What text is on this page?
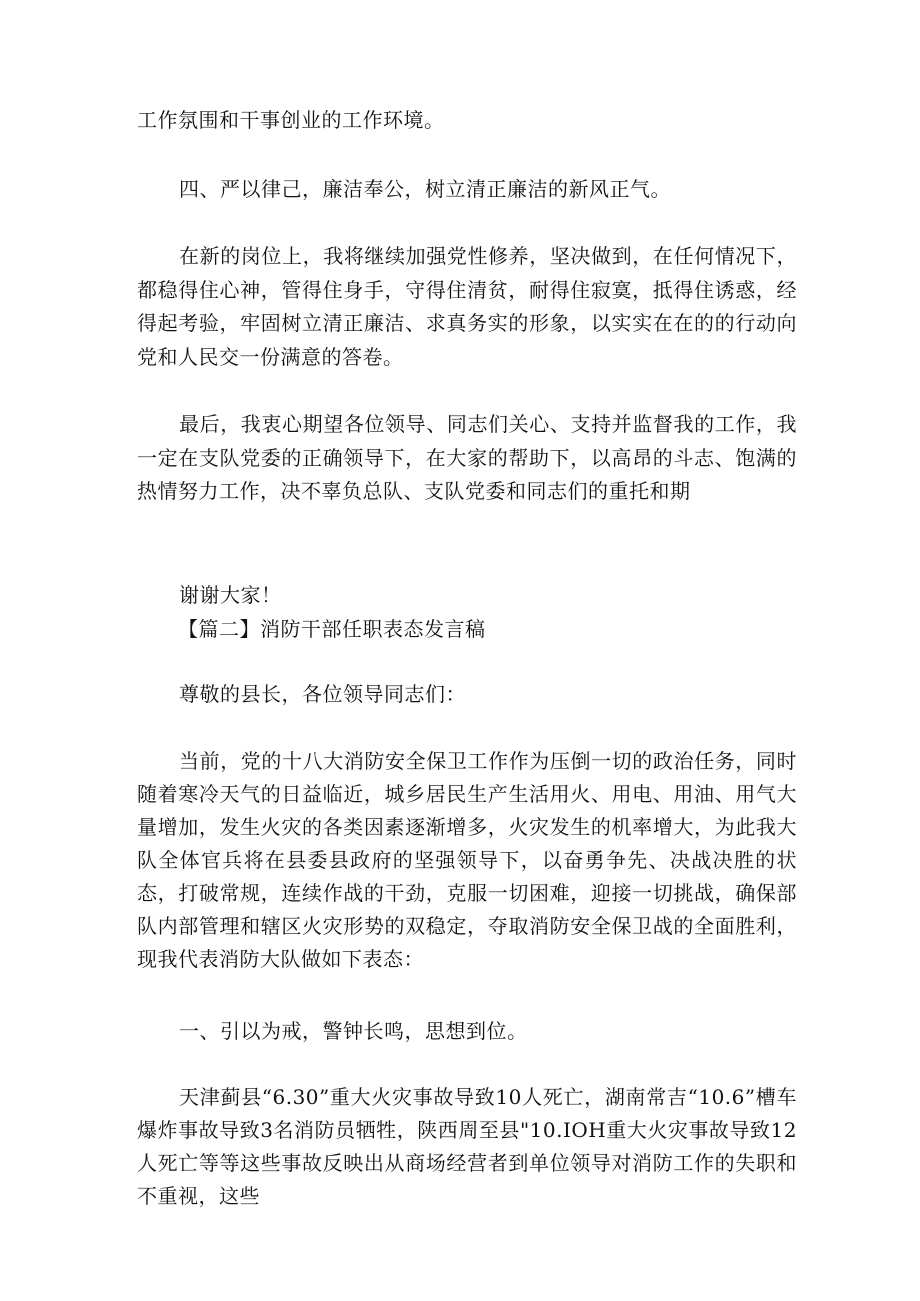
工作氛围和干事创业的工作环境。
四、严以律己，廉洁奉公，树立清正廉洁的新风正气。
在新的岗位上，我将继续加强党性修养，坚决做到，在任何情况下，都稳得住心神，管得住身手，守得住清贫，耐得住寂寞，抵得住诱惑，经得起考验，牢固树立清正廉洁、求真务实的形象，以实实在在的的行动向党和人民交一份满意的答卷。
最后，我衷心期望各位领导、同志们关心、支持并监督我的工作，我一定在支队党委的正确领导下，在大家的帮助下，以高昂的斗志、饱满的热情努力工作，决不辜负总队、支队党委和同志们的重托和期
谢谢大家！
【篇二】消防干部任职表态发言稿
尊敬的县长，各位领导同志们：
当前，党的十八大消防安全保卫工作作为压倒一切的政治任务，同时随着寒冷天气的日益临近，城乡居民生产生活用火、用电、用油、用气大量增加，发生火灾的各类因素逐渐增多，火灾发生的机率增大，为此我大队全体官兵将在县委县政府的坚强领导下，以奋勇争先、决战决胜的状态，打破常规，连续作战的干劲，克服一切困难，迎接一切挑战，确保部队内部管理和辖区火灾形势的双稳定，夺取消防安全保卫战的全面胜利，现我代表消防大队做如下表态：
一、引以为戒，警钟长鸣，思想到位。
天津蓟县“6.30”重大火灾事故导致10人死亡，湖南常吉“10.6”槽车爆炸事故导致3名消防员牺牲，陕西周至县"10.IOH重大火灾事故导致12人死亡等等这些事故反映出从商场经营者到单位领导对消防工作的失职和不重视，这些
